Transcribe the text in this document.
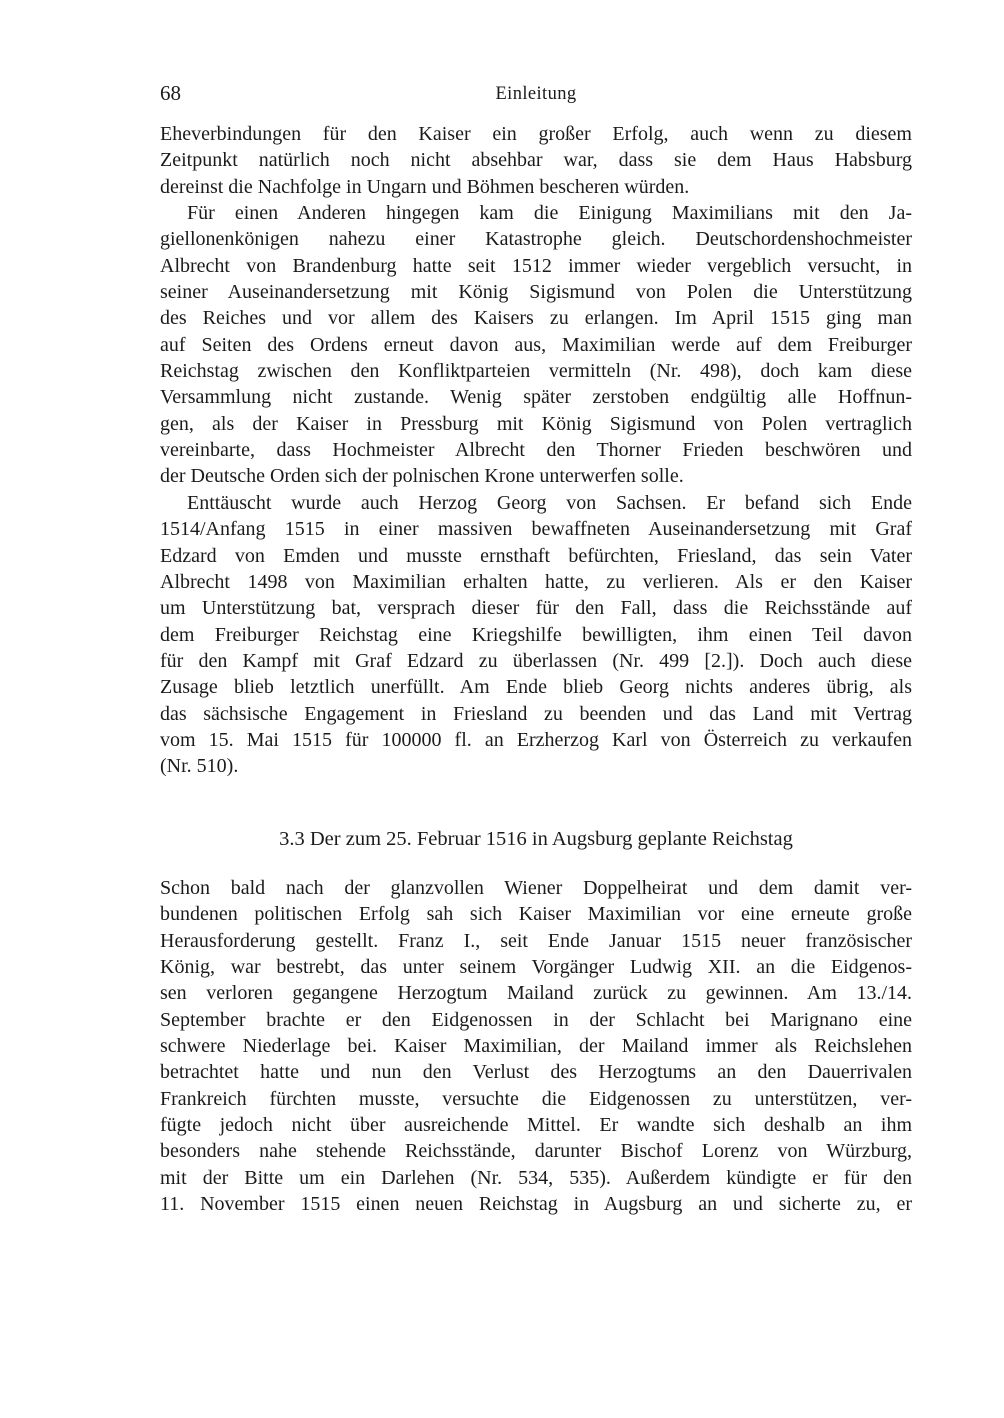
68	Einleitung
Eheverbindungen für den Kaiser ein großer Erfolg, auch wenn zu diesem
Zeitpunkt natürlich noch nicht absehbar war, dass sie dem Haus Habsburg
dereinst die Nachfolge in Ungarn und Böhmen bescheren würden.
Für einen Anderen hingegen kam die Einigung Maximilians mit den Ja-
giellonenkönigen nahezu einer Katastrophe gleich. Deutschordenshochmeister
Albrecht von Brandenburg hatte seit 1512 immer wieder vergeblich versucht, in
seiner Auseinandersetzung mit König Sigismund von Polen die Unterstützung
des Reiches und vor allem des Kaisers zu erlangen. Im April 1515 ging man
auf Seiten des Ordens erneut davon aus, Maximilian werde auf dem Freiburger
Reichstag zwischen den Konfliktparteien vermitteln (Nr. 498), doch kam diese
Versammlung nicht zustande. Wenig später zerstoben endgültig alle Hoffnun-
gen, als der Kaiser in Pressburg mit König Sigismund von Polen vertraglich
vereinbarte, dass Hochmeister Albrecht den Thorner Frieden beschwören und
der Deutsche Orden sich der polnischen Krone unterwerfen solle.
Enttäuscht wurde auch Herzog Georg von Sachsen. Er befand sich Ende
1514/Anfang 1515 in einer massiven bewaffneten Auseinandersetzung mit Graf
Edzard von Emden und musste ernsthaft befürchten, Friesland, das sein Vater
Albrecht 1498 von Maximilian erhalten hatte, zu verlieren. Als er den Kaiser
um Unterstützung bat, versprach dieser für den Fall, dass die Reichsstände auf
dem Freiburger Reichstag eine Kriegshilfe bewilligten, ihm einen Teil davon
für den Kampf mit Graf Edzard zu überlassen (Nr. 499 [2.]). Doch auch diese
Zusage blieb letztlich unerfüllt. Am Ende blieb Georg nichts anderes übrig, als
das sächsische Engagement in Friesland zu beenden und das Land mit Vertrag
vom 15. Mai 1515 für 100000 fl. an Erzherzog Karl von Österreich zu verkaufen
(Nr. 510).
3.3 Der zum 25. Februar 1516 in Augsburg geplante Reichstag
Schon bald nach der glanzvollen Wiener Doppelheirat und dem damit ver-
bundenen politischen Erfolg sah sich Kaiser Maximilian vor eine erneute große
Herausforderung gestellt. Franz I., seit Ende Januar 1515 neuer französischer
König, war bestrebt, das unter seinem Vorgänger Ludwig XII. an die Eidgenos-
sen verloren gegangene Herzogtum Mailand zurück zu gewinnen. Am 13./14.
September brachte er den Eidgenossen in der Schlacht bei Marignano eine
schwere Niederlage bei. Kaiser Maximilian, der Mailand immer als Reichslehen
betrachtet hatte und nun den Verlust des Herzogtums an den Dauerrivalen
Frankreich fürchten musste, versuchte die Eidgenossen zu unterstützen, ver-
fügte jedoch nicht über ausreichende Mittel. Er wandte sich deshalb an ihm
besonders nahe stehende Reichsstände, darunter Bischof Lorenz von Würzburg,
mit der Bitte um ein Darlehen (Nr. 534, 535). Außerdem kündigte er für den
11. November 1515 einen neuen Reichstag in Augsburg an und sicherte zu, er
